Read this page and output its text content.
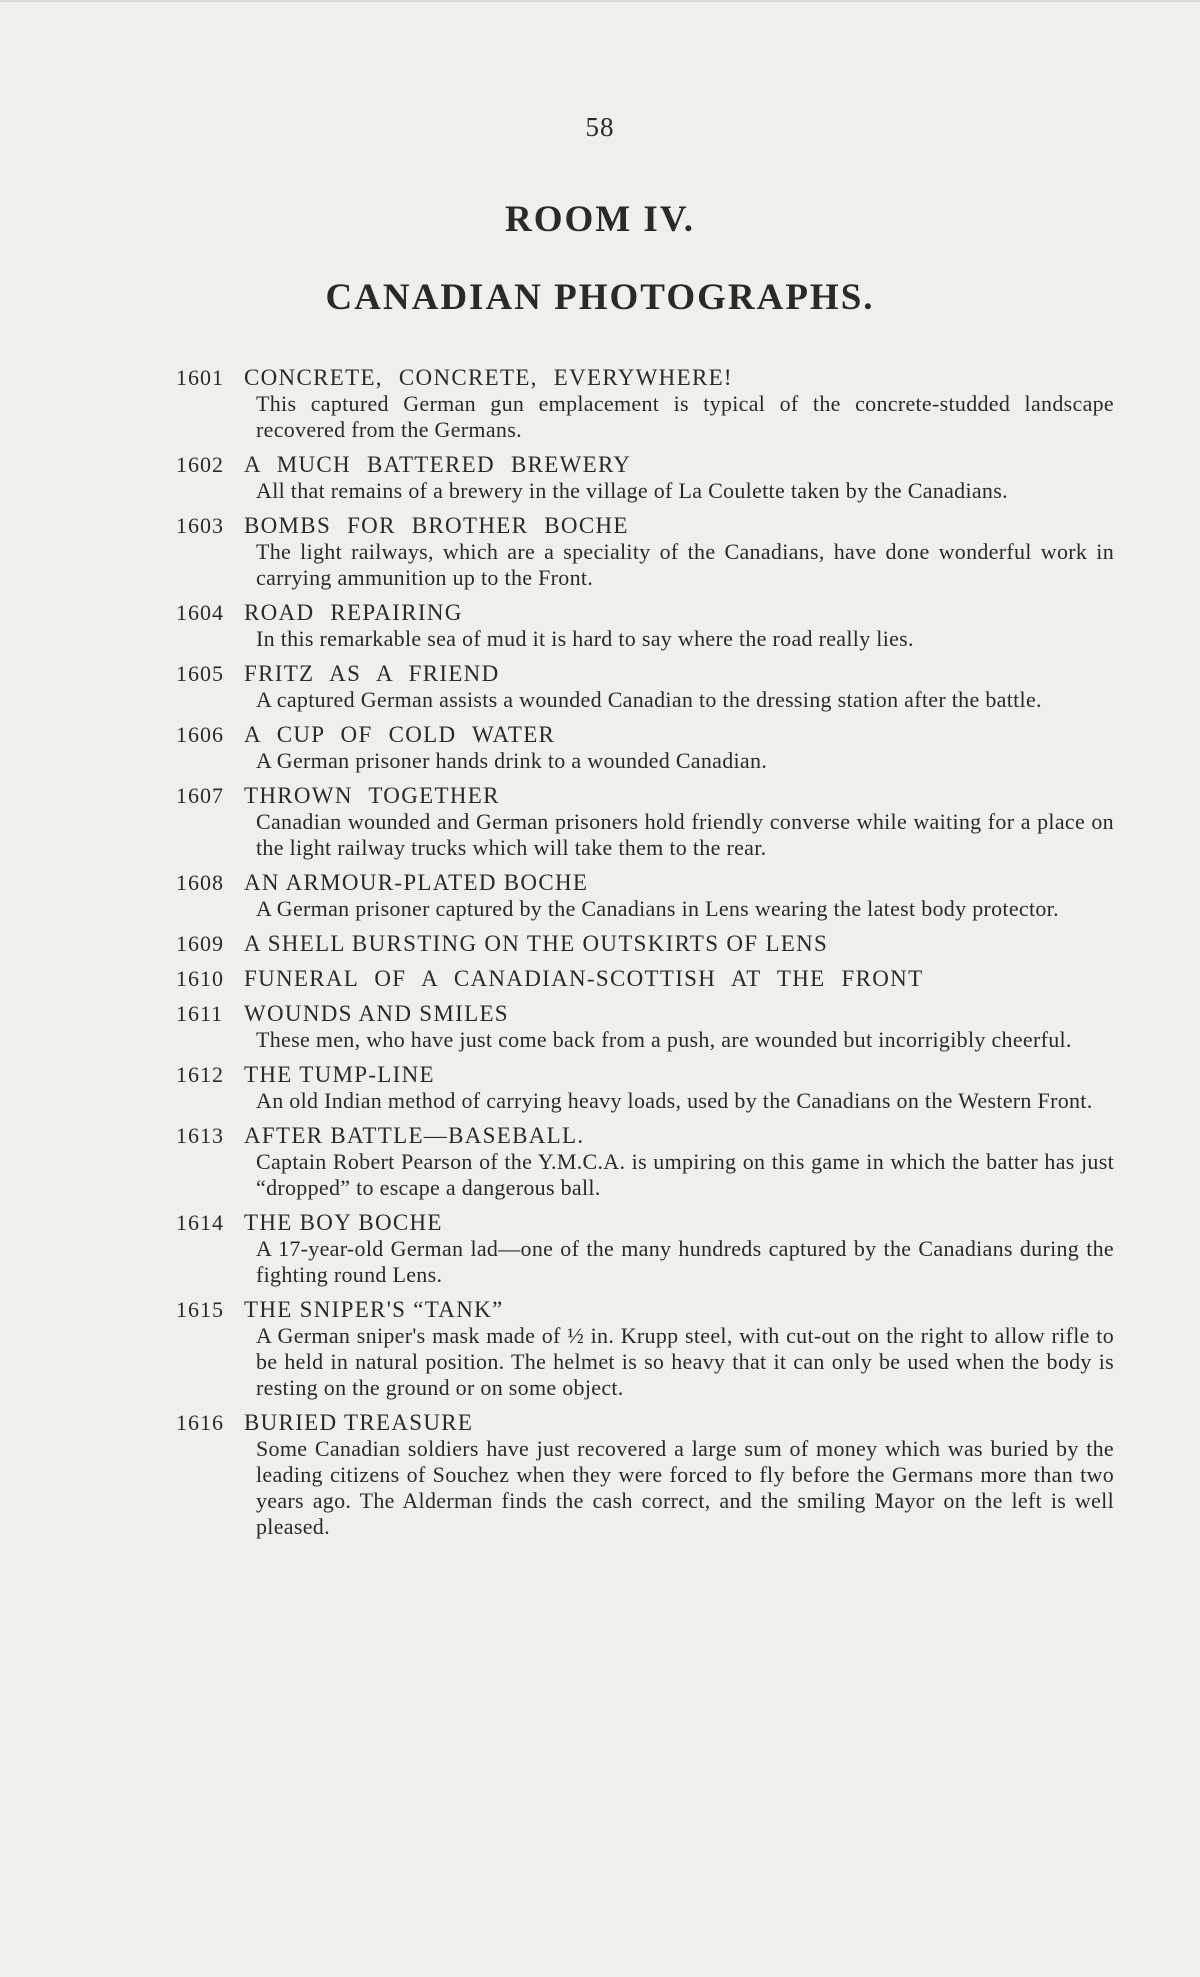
58
ROOM IV.
CANADIAN PHOTOGRAPHS.
1601 CONCRETE, CONCRETE, EVERYWHERE!
This captured German gun emplacement is typical of the concrete-studded landscape recovered from the Germans.
1602 A MUCH BATTERED BREWERY
All that remains of a brewery in the village of La Coulette taken by the Canadians.
1603 BOMBS FOR BROTHER BOCHE
The light railways, which are a speciality of the Canadians, have done wonderful work in carrying ammunition up to the Front.
1604 ROAD REPAIRING
In this remarkable sea of mud it is hard to say where the road really lies.
1605 FRITZ AS A FRIEND
A captured German assists a wounded Canadian to the dressing station after the battle.
1606 A CUP OF COLD WATER
A German prisoner hands drink to a wounded Canadian.
1607 THROWN TOGETHER
Canadian wounded and German prisoners hold friendly converse while waiting for a place on the light railway trucks which will take them to the rear.
1608 AN ARMOUR-PLATED BOCHE
A German prisoner captured by the Canadians in Lens wearing the latest body protector.
1609 A SHELL BURSTING ON THE OUTSKIRTS OF LENS
1610 FUNERAL OF A CANADIAN-SCOTTISH AT THE FRONT
1611 WOUNDS AND SMILES
These men, who have just come back from a push, are wounded but incorrigibly cheerful.
1612 THE TUMP-LINE
An old Indian method of carrying heavy loads, used by the Canadians on the Western Front.
1613 AFTER BATTLE—BASEBALL.
Captain Robert Pearson of the Y.M.C.A. is umpiring on this game in which the batter has just “dropped” to escape a dangerous ball.
1614 THE BOY BOCHE
A 17-year-old German lad—one of the many hundreds captured by the Canadians during the fighting round Lens.
1615 THE SNIPER'S “TANK”
A German sniper's mask made of ½ in. Krupp steel, with cut-out on the right to allow rifle to be held in natural position. The helmet is so heavy that it can only be used when the body is resting on the ground or on some object.
1616 BURIED TREASURE
Some Canadian soldiers have just recovered a large sum of money which was buried by the leading citizens of Souchez when they were forced to fly before the Germans more than two years ago. The Alderman finds the cash correct, and the smiling Mayor on the left is well pleased.
